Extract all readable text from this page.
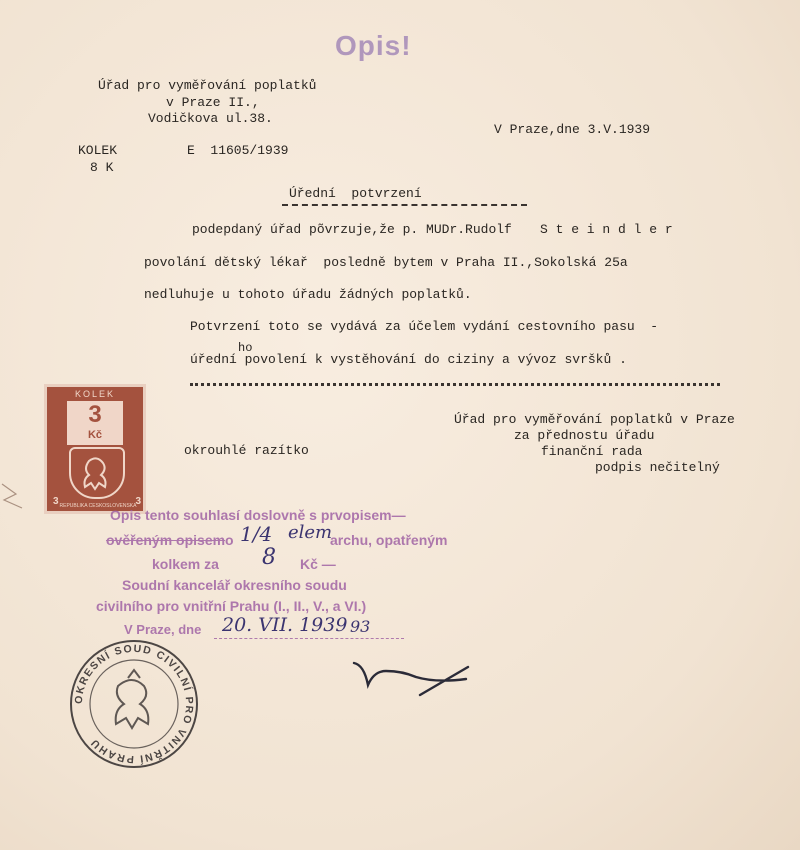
Opis!
Úřad pro vyměřování poplatků
v Praze II.,
Vodičkova ul.38.
V Praze,dne 3.V.1939
KOLEK
8 K
E  11605/1939
Úřední  potvrzení
podepdaný úřad põvrzuje,že p. MUDr.Rudolf S t e i n d l e r
povolání dětský lékař  posledně bytem v Praha II.,Sokolská 25a
nedluhuje u tohoto úřadu žádných poplatků.
Potvrzení toto se vydává za účelem vydání cestovního pasu  -
ho
úřední povolení k vystěhování do ciziny a vývoz svršků .
Úřad pro vyměřování poplatků v Praze
za přednostu úřadu
finanční rada
podpis nečitelný
okrouhlé razítko
KOLEK
3
Kč
3	3
REPUBLIKA ČESKOSLOVENSKÁ
Opis tento souhlasí doslovně s prvopisem—
ověřeným opisem o 1/4 elem
archu, opatřeným
kolkem za 8 Kč —
Soudní kancelář okresního soudu
civilního pro vnitřní Prahu (I., II., V., a VI.)
V Praze, dne 20. VII. 1939 93
OKRESNÍ SOUD CIVILNÍ PRO VNITŘNÍ PRAHU
